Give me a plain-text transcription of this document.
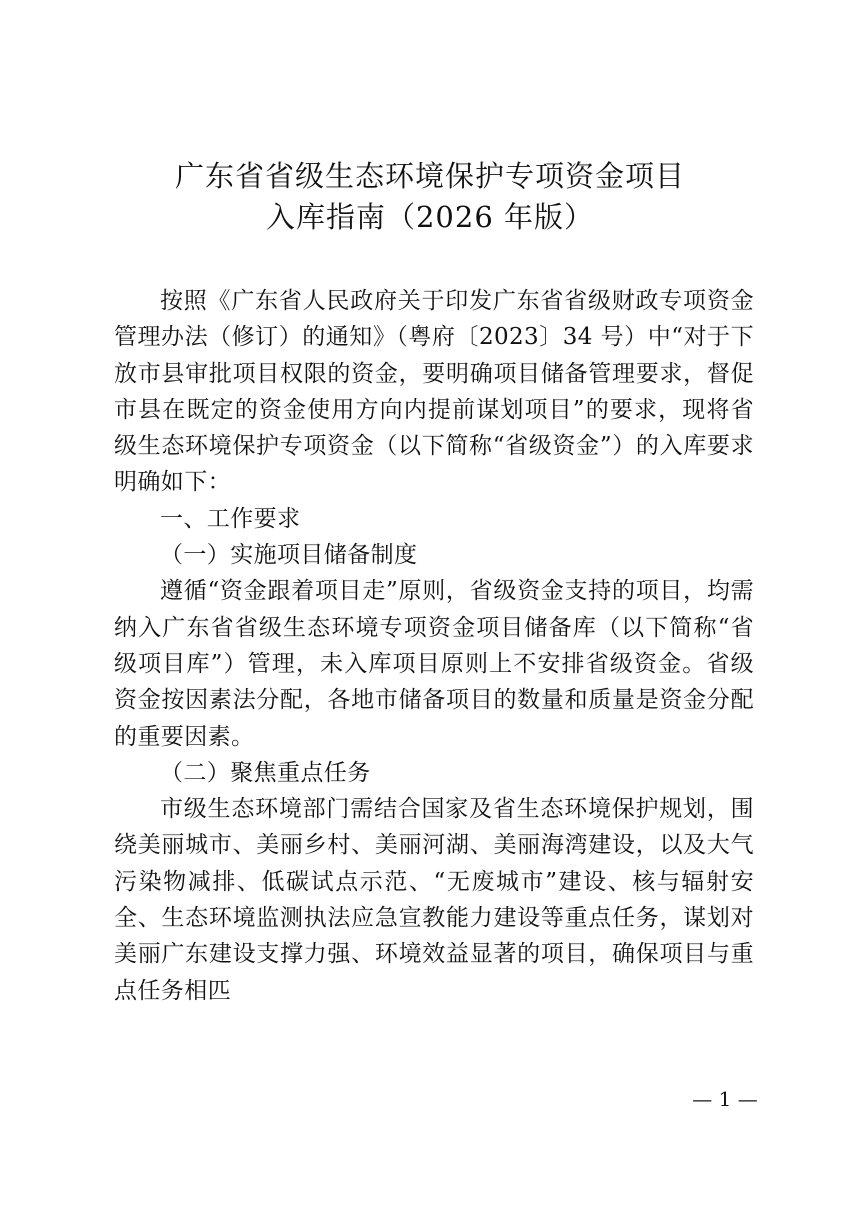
广东省省级生态环境保护专项资金项目
入库指南（2026 年版）

按照《广东省人民政府关于印发广东省省级财政专项资金管理办法（修订）的通知》（粤府〔2023〕34 号）中“对于下放市县审批项目权限的资金，要明确项目储备管理要求，督促市县在既定的资金使用方向内提前谋划项目”的要求，现将省级生态环境保护专项资金（以下简称“省级资金”）的入库要求明确如下：

一、工作要求

（一）实施项目储备制度

遵循“资金跟着项目走”原则，省级资金支持的项目，均需纳入广东省省级生态环境专项资金项目储备库（以下简称“省级项目库”）管理，未入库项目原则上不安排省级资金。省级资金按因素法分配，各地市储备项目的数量和质量是资金分配的重要因素。

（二）聚焦重点任务

市级生态环境部门需结合国家及省生态环境保护规划，围绕美丽城市、美丽乡村、美丽河湖、美丽海湾建设，以及大气污染物减排、低碳试点示范、“无废城市”建设、核与辐射安全、生态环境监测执法应急宣教能力建设等重点任务，谋划对美丽广东建设支撑力强、环境效益显著的项目，确保项目与重点任务相匹

— 1 —
